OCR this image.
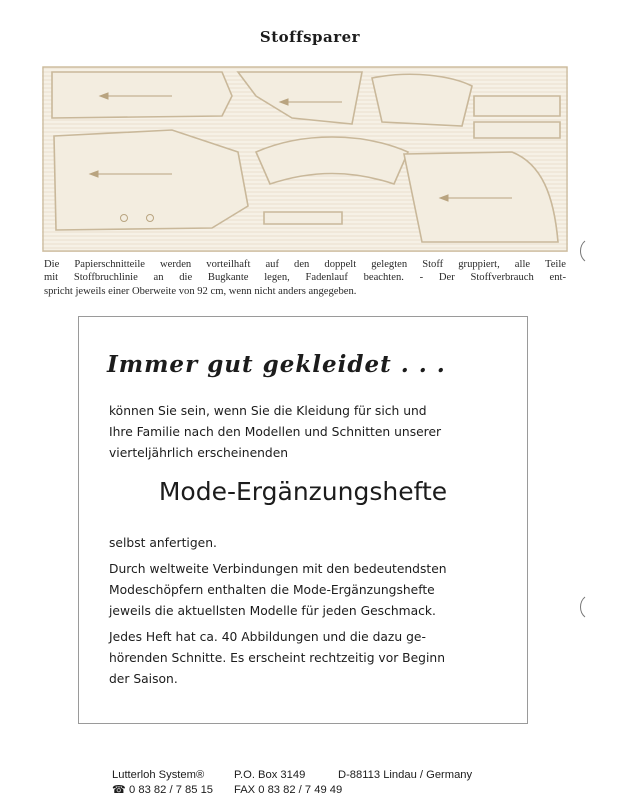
Stoffsparer
Die Papierschnitteile werden vorteilhaft auf den doppelt gelegten Stoff gruppiert, alle Teile
mit Stoffbruchlinie an die Bugkante legen, Fadenlauf beachten. - Der Stoffverbrauch ent-
spricht jeweils einer Oberweite von 92 cm, wenn nicht anders angegeben.
Immer gut gekleidet . . .
können Sie sein, wenn Sie die Kleidung für sich und
Ihre Familie nach den Modellen und Schnitten unserer
vierteljährlich erscheinenden
Mode-Ergänzungshefte
selbst anfertigen.
Durch weltweite Verbindungen mit den bedeutendsten
Modeschöpfern enthalten die Mode-Ergänzungshefte
jeweils die aktuellsten Modelle für jeden Geschmack.
Jedes Heft hat ca. 40 Abbildungen und die dazu ge-
hörenden Schnitte. Es erscheint rechtzeitig vor Beginn
der Saison.
Lutterloh System®	P.O. Box 3149	D-88113 Lindau / Germany
☎ 0 83 82 / 7 85 15	FAX 0 83 82 / 7 49 49
